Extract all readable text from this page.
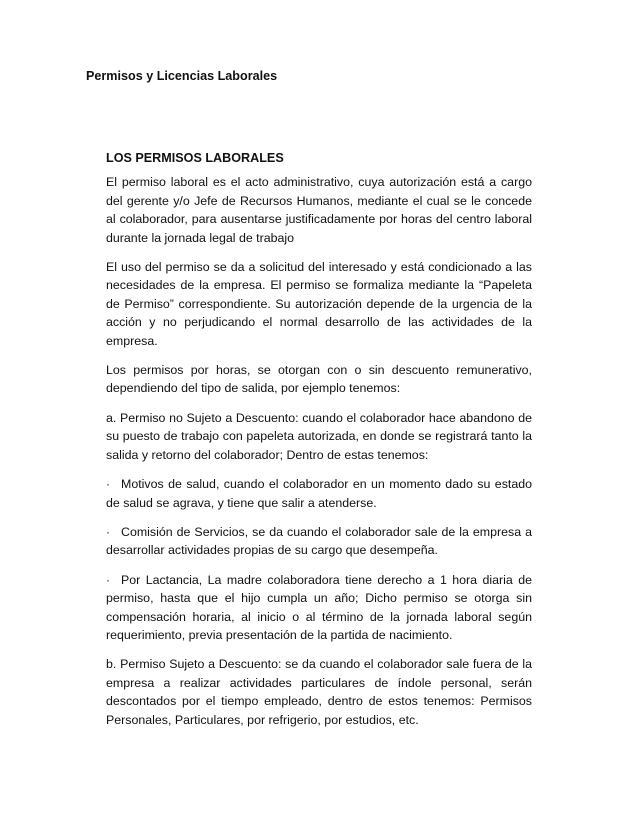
Permisos y Licencias Laborales
LOS PERMISOS LABORALES

El permiso laboral es el acto administrativo, cuya autorización está a cargo del gerente y/o Jefe de Recursos Humanos, mediante el cual se le concede al colaborador, para ausentarse justificadamente por horas del centro laboral durante la jornada legal de trabajo

El uso del permiso se da a solicitud del interesado y está condicionado a las necesidades de la empresa. El permiso se formaliza mediante la “Papeleta de Permiso” correspondiente. Su autorización depende de la urgencia de la acción y no perjudicando el normal desarrollo de las actividades de la empresa.

Los permisos por horas, se otorgan con o sin descuento remunerativo, dependiendo del tipo de salida, por ejemplo tenemos:

a. Permiso no Sujeto a Descuento: cuando el colaborador hace abandono de su puesto de trabajo con papeleta autorizada, en donde se registrará tanto la salida y retorno del colaborador; Dentro de estas tenemos:

· Motivos de salud, cuando el colaborador en un momento dado su estado de salud se agrava, y tiene que salir a atenderse.

· Comisión de Servicios, se da cuando el colaborador sale de la empresa a desarrollar actividades propias de su cargo que desempeña.

· Por Lactancia, La madre colaboradora tiene derecho a 1 hora diaria de permiso, hasta que el hijo cumpla un año; Dicho permiso se otorga sin compensación horaria, al inicio o al término de la jornada laboral según requerimiento, previa presentación de la partida de nacimiento.

b. Permiso Sujeto a Descuento: se da cuando el colaborador sale fuera de la empresa a realizar actividades particulares de índole personal, serán descontados por el tiempo empleado, dentro de estos tenemos: Permisos Personales, Particulares, por refrigerio, por estudios, etc.
